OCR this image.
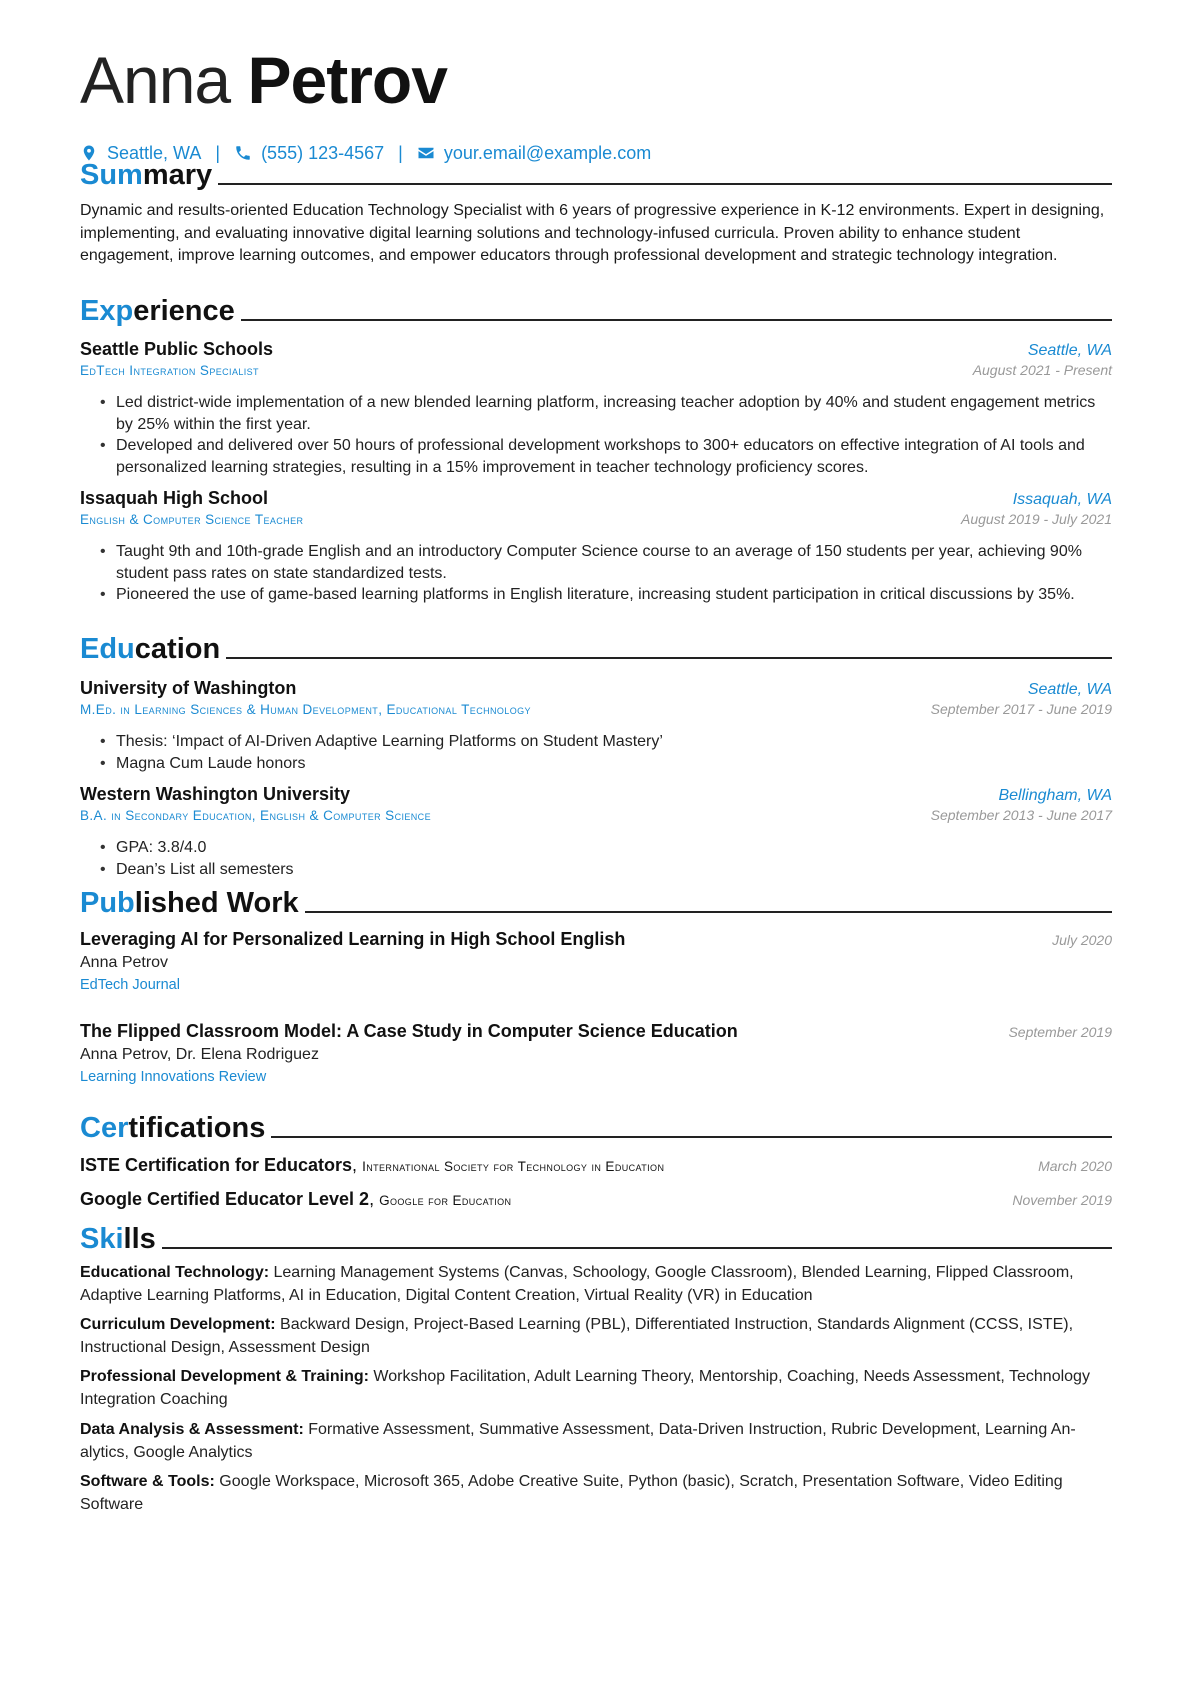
Anna Petrov
Seattle, WA | (555) 123-4567 | your.email@example.com
Sum mary

Dynamic and results-oriented Education Technology Specialist with 6 years of progressive experience in K-12 environments. Expert in designing, implementing, and evaluating innovative digital learning solutions and technology-infused curricula. Proven ability to enhance student engagement, improve learning outcomes, and empower educators through professional development and strategic technology integration.

Exp erience
Seattle Public Schools	Seattle, WA
EdTech Integration Specialist	August 2021 - Present
• Led district-wide implementation of a new blended learning platform, increasing teacher adoption by 40% and student engagement metrics by 25% within the first year.
• Developed and delivered over 50 hours of professional development workshops to 300+ educators on effective integration of AI tools and personalized learning strategies, resulting in a 15% improvement in teacher technology proficiency scores.
Issaquah High School	Issaquah, WA
English & Computer Science Teacher	August 2019 - July 2021
• Taught 9th and 10th-grade English and an introductory Computer Science course to an average of 150 students per year, achieving 90% student pass rates on state standardized tests.
• Pioneered the use of game-based learning platforms in English literature, increasing student participation in critical discussions by 35%.
Edu cation
University of Washington	Seattle, WA
M.Ed. in Learning Sciences & Human Development, Educational Technology	September 2017 - June 2019
• Thesis: ‘Impact of AI-Driven Adaptive Learning Platforms on Student Mastery’
• Magna Cum Laude honors
Western Washington University	Bellingham, WA
B.A. in Secondary Education, English & Computer Science	September 2013 - June 2017
• GPA: 3.8/4.0
• Dean’s List all semesters
Pub lished Work
Leveraging AI for Personalized Learning in High School English	July 2020
Anna Petrov
EdTech Journal
The Flipped Classroom Model: A Case Study in Computer Science Education	September 2019
Anna Petrov, Dr. Elena Rodriguez
Learning Innovations Review
Cer tifications
ISTE Certification for Educators, International Society for Technology in Education	March 2020
Google Certified Educator Level 2, Google for Education	November 2019
Ski lls
Educational Technology: Learning Management Systems (Canvas, Schoology, Google Classroom), Blended Learning, Flipped Classroom, Adaptive Learning Platforms, AI in Education, Digital Content Creation, Virtual Reality (VR) in Education
Curriculum Development: Backward Design, Project-Based Learning (PBL), Differentiated Instruction, Standards Alignment (CCSS, ISTE), Instructional Design, Assessment Design
Professional Development & Training: Workshop Facilitation, Adult Learning Theory, Mentorship, Coaching, Needs Assessment, Technology Integration Coaching
Data Analysis & Assessment: Formative Assessment, Summative Assessment, Data-Driven Instruction, Rubric Development, Learning Analytics, Google Analytics
Software & Tools: Google Workspace, Microsoft 365, Adobe Creative Suite, Python (basic), Scratch, Presentation Software, Video Editing Software
